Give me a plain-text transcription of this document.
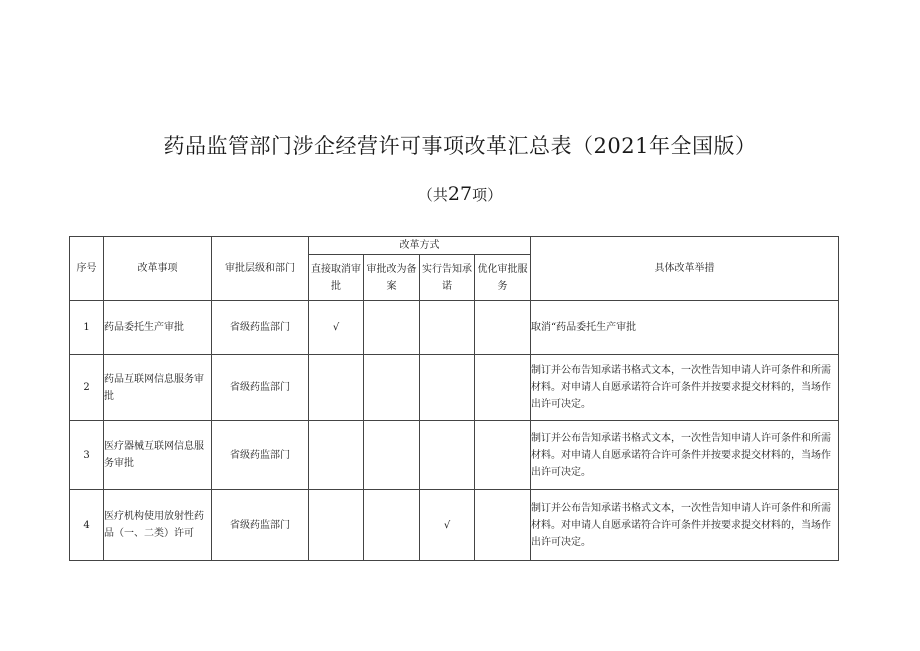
药品监管部门涉企经营许可事项改革汇总表（2021年全国版）
（共27项）
序号	改革事项	审批层级和部门	改革方式				具体改革举措
			直接取消审批	审批改为备案	实行告知承诺	优化审批服务	
1	药品委托生产审批	省级药监部门	√				取消“药品委托生产审批
2	药品互联网信息服务审批	省级药监部门					制订并公布告知承诺书格式文本，一次性告知申请人许可条件和所需材料。对申请人自愿承诺符合许可条件并按要求提交材料的，当场作出许可决定。
3	医疗器械互联网信息服务审批	省级药监部门					制订并公布告知承诺书格式文本，一次性告知申请人许可条件和所需材料。对申请人自愿承诺符合许可条件并按要求提交材料的，当场作出许可决定。
4	医疗机构使用放射性药品（一、二类）许可	省级药监部门			√		制订并公布告知承诺书格式文本，一次性告知申请人许可条件和所需材料。对申请人自愿承诺符合许可条件并按要求提交材料的，当场作出许可决定。
